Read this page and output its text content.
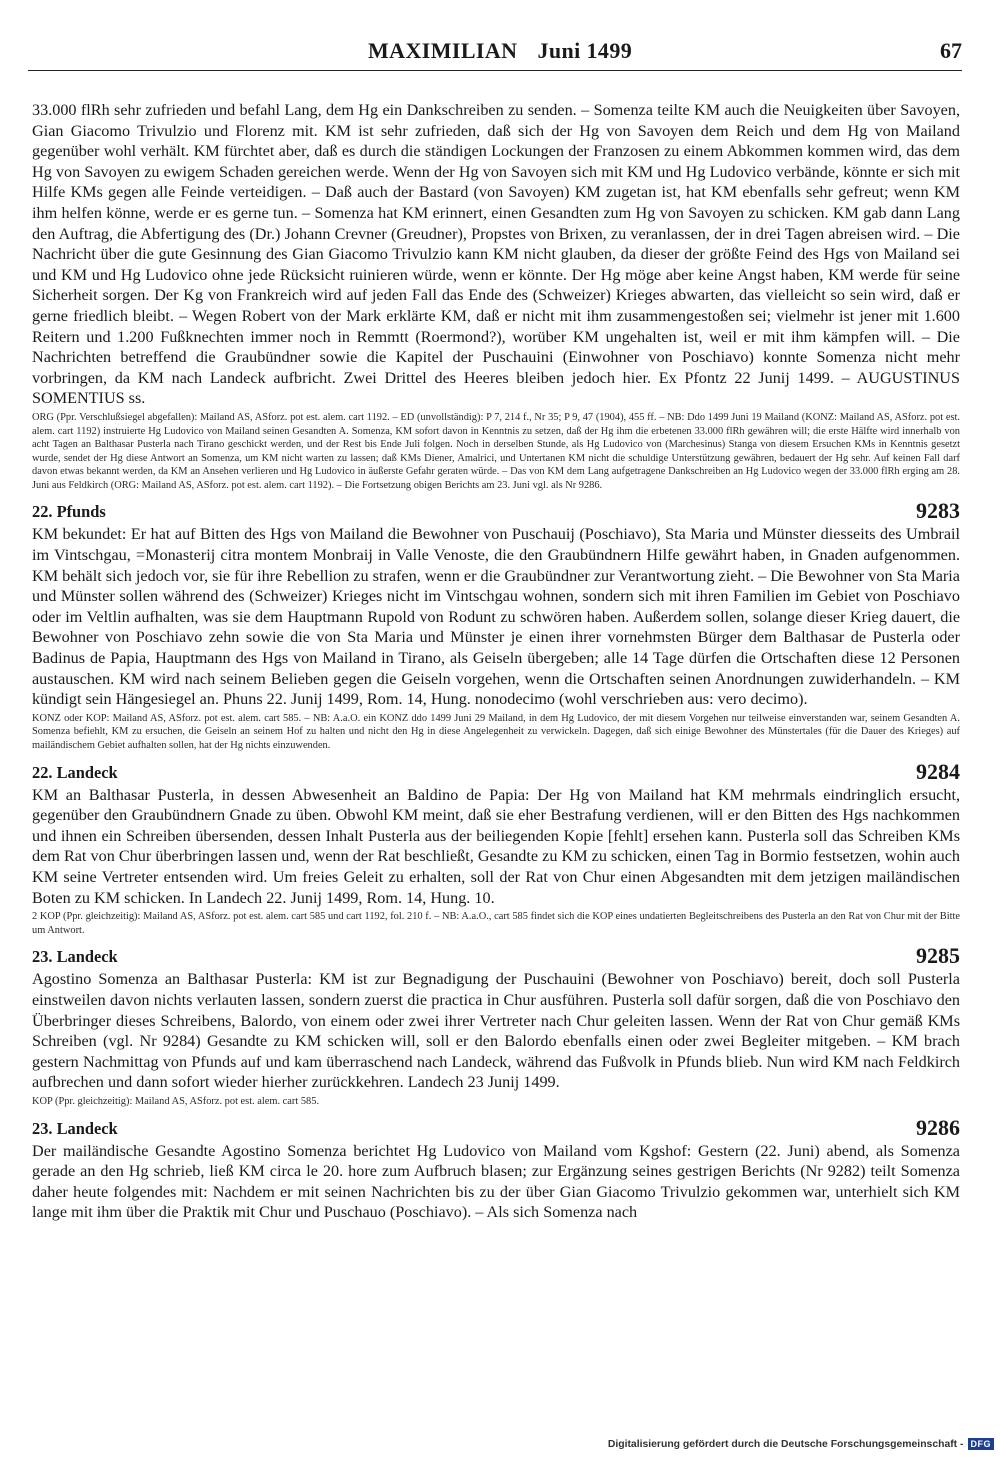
MAXIMILIAN Juni 1499	67

33.000 flRh sehr zufrieden und befahl Lang, dem Hg ein Dankschreiben zu senden. – Somenza teilte KM auch die Neuigkeiten über Savoyen, Gian Giacomo Trivulzio und Florenz mit. KM ist sehr zufrieden, daß sich der Hg von Savoyen dem Reich und dem Hg von Mailand gegenüber wohl verhält. KM fürchtet aber, daß es durch die ständigen Lockungen der Franzosen zu einem Abkommen kommen wird, das dem Hg von Savoyen zu ewigem Schaden gereichen werde. Wenn der Hg von Savoyen sich mit KM und Hg Ludovico verbände, könnte er sich mit Hilfe KMs gegen alle Feinde verteidigen. – Daß auch der Bastard (von Savoyen) KM zugetan ist, hat KM ebenfalls sehr gefreut; wenn KM ihm helfen könne, werde er es gerne tun. – Somenza hat KM erinnert, einen Gesandten zum Hg von Savoyen zu schicken. KM gab dann Lang den Auftrag, die Abfertigung des (Dr.) Johann Crevner (Greudner), Propstes von Brixen, zu veranlassen, der in drei Tagen abreisen wird. – Die Nachricht über die gute Gesinnung des Gian Giacomo Trivulzio kann KM nicht glauben, da dieser der größte Feind des Hgs von Mailand sei und KM und Hg Ludovico ohne jede Rücksicht ruinieren würde, wenn er könnte. Der Hg möge aber keine Angst haben, KM werde für seine Sicherheit sorgen. Der Kg von Frankreich wird auf jeden Fall das Ende des (Schweizer) Krieges abwarten, das vielleicht so sein wird, daß er gerne friedlich bleibt. – Wegen Robert von der Mark erklärte KM, daß er nicht mit ihm zusammengestoßen sei; vielmehr ist jener mit 1.600 Reitern und 1.200 Fußknechten immer noch in Remmtt (Roermond?), worüber KM ungehalten ist, weil er mit ihm kämpfen will. – Die Nachrichten betreffend die Graubündner sowie die Kapitel der Puschauini (Einwohner von Poschiavo) konnte Somenza nicht mehr vorbringen, da KM nach Landeck aufbricht. Zwei Drittel des Heeres bleiben jedoch hier. Ex Pfontz 22 Junij 1499. – AUGUSTINUS SOMENTIUS ss.

ORG (Ppr. Verschlußsiegel abgefallen): Mailand AS, ASforz. pot est. alem. cart 1192. – ED (unvollständig): P 7, 214 f., Nr 35; P 9, 47 (1904), 455 ff. – NB: Ddo 1499 Juni 19 Mailand (KONZ: Mailand AS, ASforz. pot est. alem. cart 1192) instruierte Hg Ludovico von Mailand seinen Gesandten A. Somenza, KM sofort davon in Kenntnis zu setzen, daß der Hg ihm die erbetenen 33.000 flRh gewähren will; die erste Hälfte wird innerhalb von acht Tagen an Balthasar Pusterla nach Tirano geschickt werden, und der Rest bis Ende Juli folgen. Noch in derselben Stunde, als Hg Ludovico von (Marchesinus) Stanga von diesem Ersuchen KMs in Kenntnis gesetzt wurde, sendet der Hg diese Antwort an Somenza, um KM nicht warten zu lassen; daß KMs Diener, Amalrici, und Untertanen KM nicht die schuldige Unterstützung gewähren, bedauert der Hg sehr. Auf keinen Fall darf davon etwas bekannt werden, da KM an Ansehen verlieren und Hg Ludovico in äußerste Gefahr geraten würde. – Das von KM dem Lang aufgetragene Dankschreiben an Hg Ludovico wegen der 33.000 flRh erging am 28. Juni aus Feldkirch (ORG: Mailand AS, ASforz. pot est. alem. cart 1192). – Die Fortsetzung obigen Berichts am 23. Juni vgl. als Nr 9286.

22. Pfunds	9283

KM bekundet: Er hat auf Bitten des Hgs von Mailand die Bewohner von Puschauij (Poschiavo), Sta Maria und Münster diesseits des Umbrail im Vintschgau, =Monasterij citra montem Monbraij in Valle Venoste, die den Graubündnern Hilfe gewährt haben, in Gnaden aufgenommen. KM behält sich jedoch vor, sie für ihre Rebellion zu strafen, wenn er die Graubündner zur Verantwortung zieht. – Die Bewohner von Sta Maria und Münster sollen während des (Schweizer) Krieges nicht im Vintschgau wohnen, sondern sich mit ihren Familien im Gebiet von Poschiavo oder im Veltlin aufhalten, was sie dem Hauptmann Rupold von Rodunt zu schwören haben. Außerdem sollen, solange dieser Krieg dauert, die Bewohner von Poschiavo zehn sowie die von Sta Maria und Münster je einen ihrer vornehmsten Bürger dem Balthasar de Pusterla oder Badinus de Papia, Hauptmann des Hgs von Mailand in Tirano, als Geiseln übergeben; alle 14 Tage dürfen die Ortschaften diese 12 Personen austauschen. KM wird nach seinem Belieben gegen die Geiseln vorgehen, wenn die Ortschaften seinen Anordnungen zuwiderhandeln. – KM kündigt sein Hängesiegel an. Phuns 22. Junij 1499, Rom. 14, Hung. nonodecimo (wohl verschrieben aus: vero decimo).

KONZ oder KOP: Mailand AS, ASforz. pot est. alem. cart 585. – NB: A.a.O. ein KONZ ddo 1499 Juni 29 Mailand, in dem Hg Ludovico, der mit diesem Vorgehen nur teilweise einverstanden war, seinem Gesandten A. Somenza befiehlt, KM zu ersuchen, die Geiseln an seinem Hof zu halten und nicht den Hg in diese Angelegenheit zu verwickeln. Dagegen, daß sich einige Bewohner des Münstertales (für die Dauer des Krieges) auf mailändischem Gebiet aufhalten sollen, hat der Hg nichts einzuwenden.

22. Landeck	9284

KM an Balthasar Pusterla, in dessen Abwesenheit an Baldino de Papia: Der Hg von Mailand hat KM mehrmals eindringlich ersucht, gegenüber den Graubündnern Gnade zu üben. Obwohl KM meint, daß sie eher Bestrafung verdienen, will er den Bitten des Hgs nachkommen und ihnen ein Schreiben übersenden, dessen Inhalt Pusterla aus der beiliegenden Kopie [fehlt] ersehen kann. Pusterla soll das Schreiben KMs dem Rat von Chur überbringen lassen und, wenn der Rat beschließt, Gesandte zu KM zu schicken, einen Tag in Bormio festsetzen, wohin auch KM seine Vertreter entsenden wird. Um freies Geleit zu erhalten, soll der Rat von Chur einen Abgesandten mit dem jetzigen mailändischen Boten zu KM schicken. In Landech 22. Junij 1499, Rom. 14, Hung. 10.

2 KOP (Ppr. gleichzeitig): Mailand AS, ASforz. pot est. alem. cart 585 und cart 1192, fol. 210 f. – NB: A.a.O., cart 585 findet sich die KOP eines undatierten Begleitschreibens des Pusterla an den Rat von Chur mit der Bitte um Antwort.

23. Landeck	9285

Agostino Somenza an Balthasar Pusterla: KM ist zur Begnadigung der Puschauini (Bewohner von Poschiavo) bereit, doch soll Pusterla einstweilen davon nichts verlauten lassen, sondern zuerst die practica in Chur ausführen. Pusterla soll dafür sorgen, daß die von Poschiavo den Überbringer dieses Schreibens, Balordo, von einem oder zwei ihrer Vertreter nach Chur geleiten lassen. Wenn der Rat von Chur gemäß KMs Schreiben (vgl. Nr 9284) Gesandte zu KM schicken will, soll er den Balordo ebenfalls einen oder zwei Begleiter mitgeben. – KM brach gestern Nachmittag von Pfunds auf und kam überraschend nach Landeck, während das Fußvolk in Pfunds blieb. Nun wird KM nach Feldkirch aufbrechen und dann sofort wieder hierher zurückkehren. Landech 23 Junij 1499.

KOP (Ppr. gleichzeitig): Mailand AS, ASforz. pot est. alem. cart 585.

23. Landeck	9286

Der mailändische Gesandte Agostino Somenza berichtet Hg Ludovico von Mailand vom Kgshof: Gestern (22. Juni) abend, als Somenza gerade an den Hg schrieb, ließ KM circa le 20. hore zum Aufbruch blasen; zur Ergänzung seines gestrigen Berichts (Nr 9282) teilt Somenza daher heute folgendes mit: Nachdem er mit seinen Nachrichten bis zu der über Gian Giacomo Trivulzio gekommen war, unterhielt sich KM lange mit ihm über die Praktik mit Chur und Puschauo (Poschiavo). – Als sich Somenza nach

Digitalisierung gefördert durch die Deutsche Forschungsgemeinschaft - DFG
